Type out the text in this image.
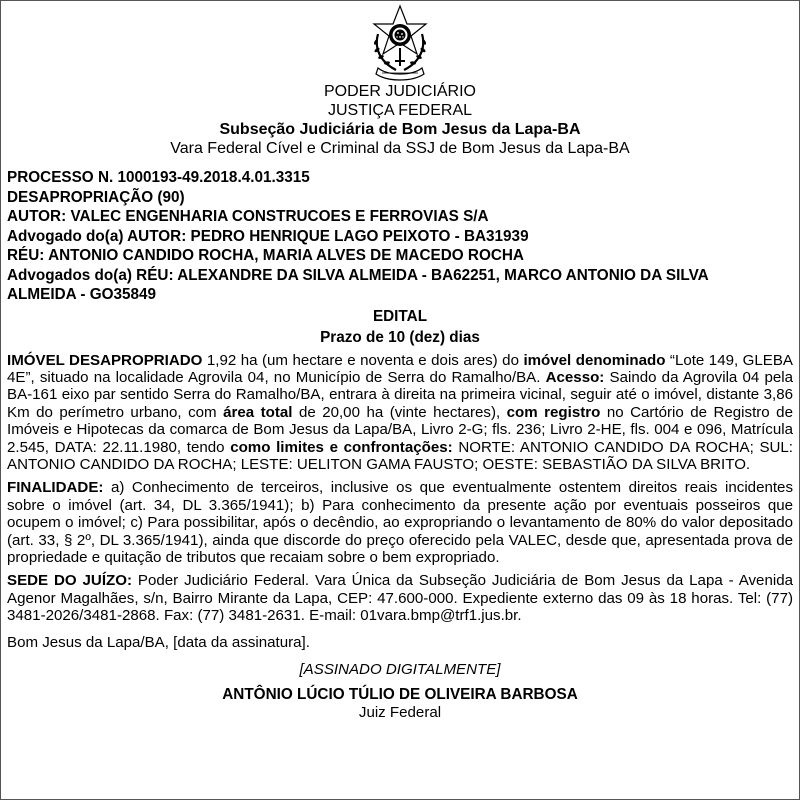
PODER JUDICIÁRIO
JUSTIÇA FEDERAL
Subseção Judiciária de Bom Jesus da Lapa-BA
Vara Federal Cível e Criminal da SSJ de Bom Jesus da Lapa-BA
PROCESSO N. 1000193-49.2018.4.01.3315
DESAPROPRIAÇÃO (90)
AUTOR: VALEC ENGENHARIA CONSTRUCOES E FERROVIAS S/A
Advogado do(a) AUTOR: PEDRO HENRIQUE LAGO PEIXOTO - BA31939
RÉU: ANTONIO CANDIDO ROCHA, MARIA ALVES DE MACEDO ROCHA
Advogados do(a) RÉU: ALEXANDRE DA SILVA ALMEIDA - BA62251, MARCO ANTONIO DA SILVA
ALMEIDA - GO35849
EDITAL
Prazo de 10 (dez) dias
IMÓVEL DESAPROPRIADO 1,92 ha (um hectare e noventa e dois ares) do imóvel denominado “Lote 149, GLEBA 4E”, situado na localidade Agrovila 04, no Município de Serra do Ramalho/BA. Acesso: Saindo da Agrovila 04 pela BA-161 eixo par sentido Serra do Ramalho/BA, entrara à direita na primeira vicinal, seguir até o imóvel, distante 3,86 Km do perímetro urbano, com área total de 20,00 ha (vinte hectares), com registro no Cartório de Registro de Imóveis e Hipotecas da comarca de Bom Jesus da Lapa/BA, Livro 2-G; fls. 236; Livro 2-HE, fls. 004 e 096, Matrícula 2.545, DATA: 22.11.1980, tendo como limites e confrontações: NORTE: ANTONIO CANDIDO DA ROCHA; SUL: ANTONIO CANDIDO DA ROCHA; LESTE: UELITON GAMA FAUSTO; OESTE: SEBASTIÃO DA SILVA BRITO.
FINALIDADE: a) Conhecimento de terceiros, inclusive os que eventualmente ostentem direitos reais incidentes sobre o imóvel (art. 34, DL 3.365/1941); b) Para conhecimento da presente ação por eventuais posseiros que ocupem o imóvel; c) Para possibilitar, após o decêndio, ao expropriando o levantamento de 80% do valor depositado (art. 33, § 2º, DL 3.365/1941), ainda que discorde do preço oferecido pela VALEC, desde que, apresentada prova de propriedade e quitação de tributos que recaiam sobre o bem expropriado.
SEDE DO JUÍZO: Poder Judiciário Federal. Vara Única da Subseção Judiciária de Bom Jesus da Lapa - Avenida Agenor Magalhães, s/n, Bairro Mirante da Lapa, CEP: 47.600-000. Expediente externo das 09 às 18 horas. Tel: (77) 3481-2026/3481-2868. Fax: (77) 3481-2631. E-mail: 01vara.bmp@trf1.jus.br.
Bom Jesus da Lapa/BA, [data da assinatura].
[ASSINADO DIGITALMENTE]
ANTÔNIO LÚCIO TÚLIO DE OLIVEIRA BARBOSA
Juiz Federal
